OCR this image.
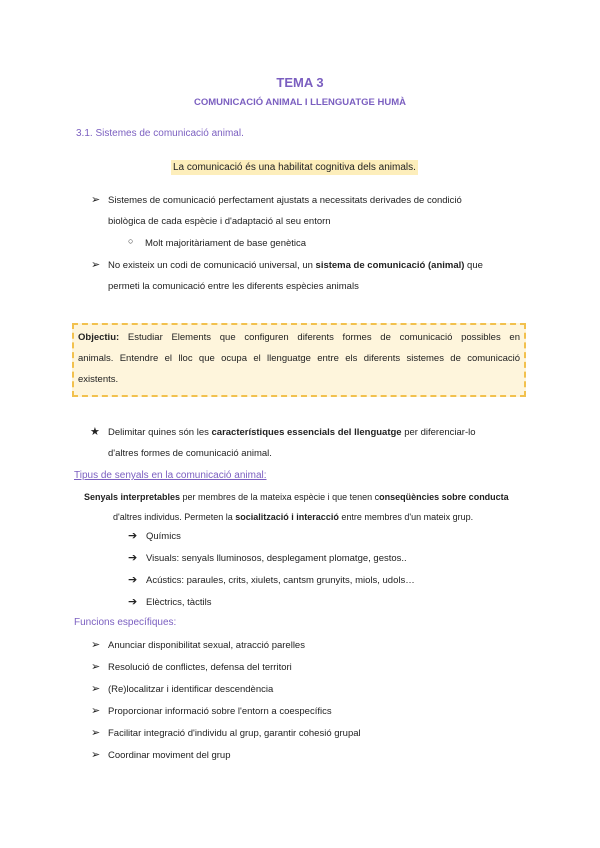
TEMA 3
COMUNICACIÓ ANIMAL I LLENGUATGE HUMÀ
3.1. Sistemes de comunicació animal.
La comunicació és una habilitat cognitiva dels animals.
➢ Sistemes de comunicació perfectament ajustats a necessitats derivades de condició
biològica de cada espècie i d'adaptació al seu entorn
○ Molt majoritàriament de base genètica
➢ No existeix un codi de comunicació universal, un sistema de comunicació (animal) que
permeti la comunicació entre les diferents espècies animals
Objectiu: Estudiar Elements que configuren diferents formes de comunicació possibles en
animals. Entendre el lloc que ocupa el llenguatge entre els diferents sistemes de comunicació
existents.
★ Delimitar quines són les característiques essencials del llenguatge per diferenciar-lo
d'altres formes de comunicació animal.
Tipus de senyals en la comunicació animal:
Senyals interpretables per membres de la mateixa espècie i que tenen conseqüències sobre conducta
d'altres individus. Permeten la socialització i interacció entre membres d'un mateix grup.
➔ Químics
➔ Visuals: senyals lluminosos, desplegament plomatge, gestos..
➔ Acústics: paraules, crits, xiulets, cantsm grunyits, miols, udols…
➔ Elèctrics, tàctils
Funcions específiques:
➢ Anunciar disponibilitat sexual, atracció parelles
➢ Resolució de conflictes, defensa del territori
➢ (Re)localitzar i identificar descendència
➢ Proporcionar informació sobre l'entorn a coespecífics
➢ Facilitar integració d'individu al grup, garantir cohesió grupal
➢ Coordinar moviment del grup
